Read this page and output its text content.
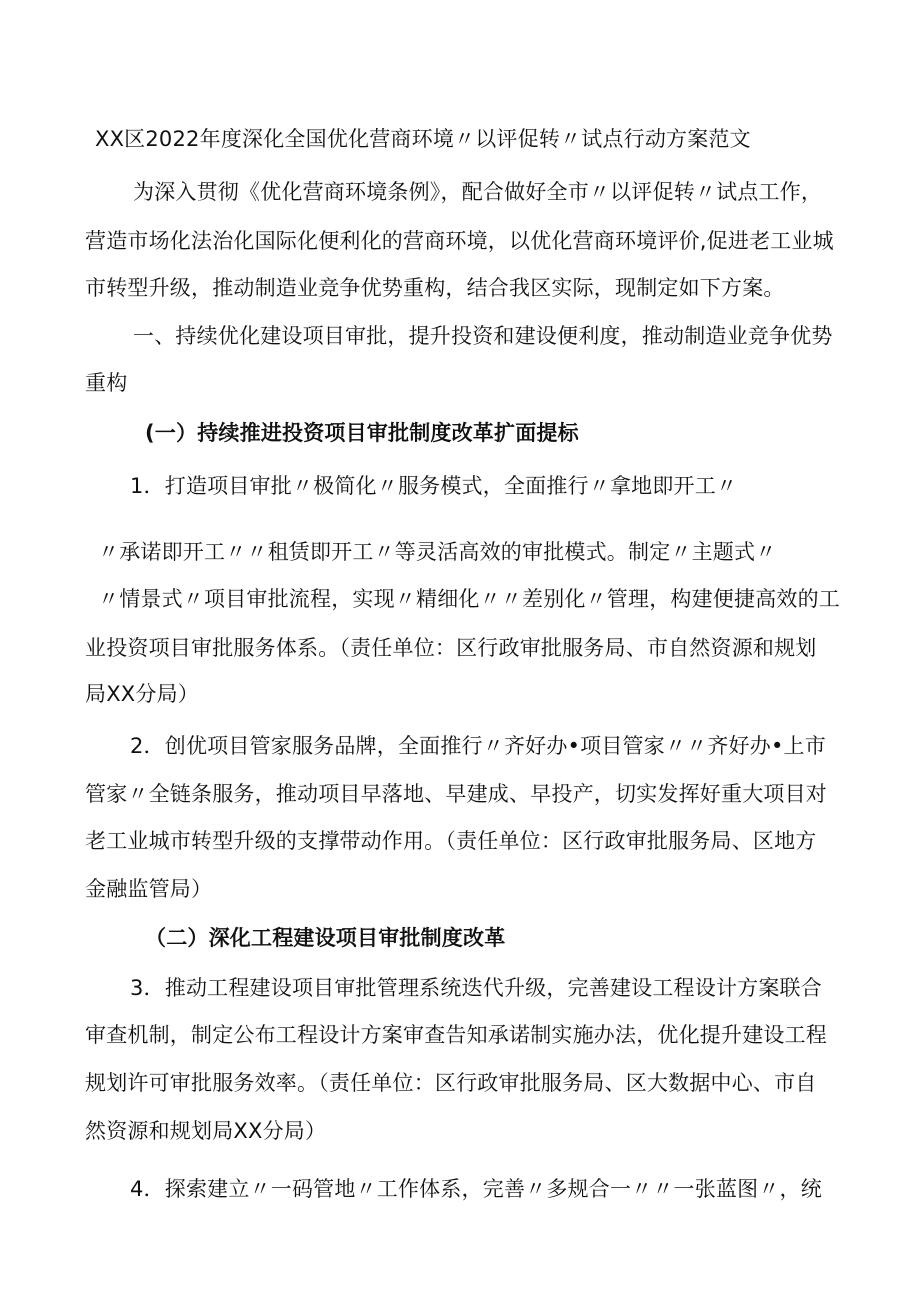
XX区2022年度深化全国优化营商环境〃以评促转〃试点行动方案范文
为深入贯彻《优化营商环境条例》，配合做好全市〃以评促转〃试点工作，
营造市场化法治化国际化便利化的营商环境，以优化营商环境评价,促进老工业城
市转型升级，推动制造业竞争优势重构，结合我区实际，现制定如下方案。
一、持续优化建设项目审批，提升投资和建设便利度，推动制造业竞争优势
重构
(一）持续推进投资项目审批制度改革扩面提标
1．打造项目审批〃极简化〃服务模式，全面推行〃拿地即开工〃
〃承诺即开工〃〃租赁即开工〃等灵活高效的审批模式。制定〃主题式〃
〃情景式〃项目审批流程，实现〃精细化〃〃差别化〃管理，构建便捷高效的工
业投资项目审批服务体系。（责任单位：区行政审批服务局、市自然资源和规划
局XX分局）
2．创优项目管家服务品牌，全面推行〃齐好办•项目管家〃〃齐好办•上市
管家〃全链条服务，推动项目早落地、早建成、早投产，切实发挥好重大项目对
老工业城市转型升级的支撑带动作用。（责任单位：区行政审批服务局、区地方
金融监管局）
（二）深化工程建设项目审批制度改革
3．推动工程建设项目审批管理系统迭代升级，完善建设工程设计方案联合
审查机制，制定公布工程设计方案审查告知承诺制实施办法，优化提升建设工程
规划许可审批服务效率。（责任单位：区行政审批服务局、区大数据中心、市自
然资源和规划局XX分局）
4．探索建立〃一码管地〃工作体系，完善〃多规合一〃〃一张蓝图〃，统
